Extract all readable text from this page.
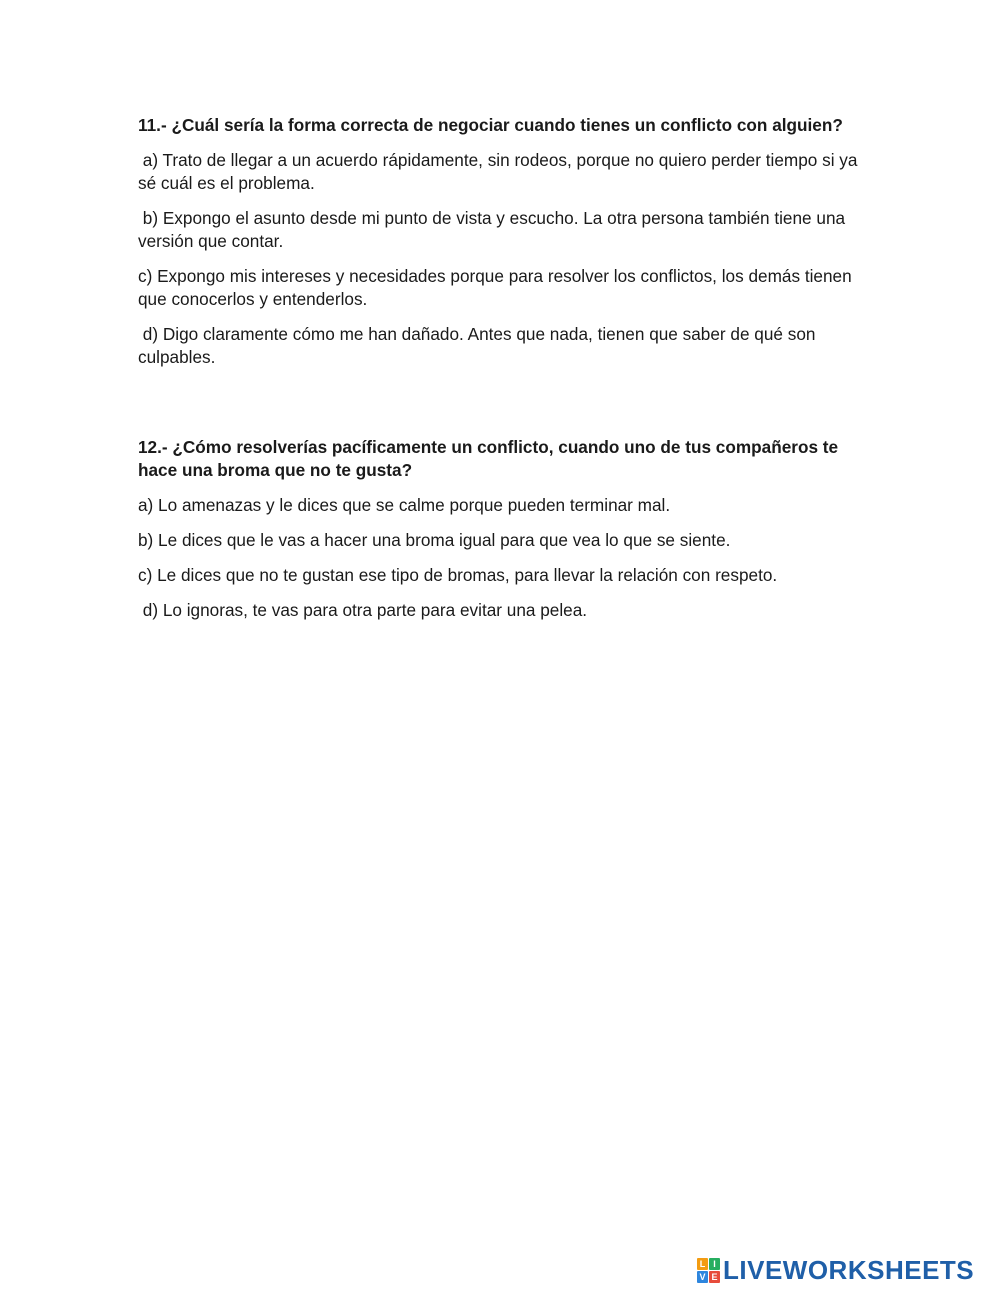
11.- ¿Cuál sería la forma correcta de negociar cuando tienes un conflicto con alguien?

a) Trato de llegar a un acuerdo rápidamente, sin rodeos, porque no quiero perder tiempo si ya sé cuál es el problema.

b) Expongo el asunto desde mi punto de vista y escucho. La otra persona también tiene una versión que contar.

c) Expongo mis intereses y necesidades porque para resolver los conflictos, los demás tienen que conocerlos y entenderlos.

d) Digo claramente cómo me han dañado. Antes que nada, tienen que saber de qué son culpables.

12.- ¿Cómo resolverías pacíficamente un conflicto, cuando uno de tus compañeros te hace una broma que no te gusta?

a) Lo amenazas y le dices que se calme porque pueden terminar mal.

b) Le dices que le vas a hacer una broma igual para que vea lo que se siente.

c) Le dices que no te gustan ese tipo de bromas, para llevar la relación con respeto.

d) Lo ignoras, te vas para otra parte para evitar una pelea.

L I
V E LIVEWORKSHEETS
